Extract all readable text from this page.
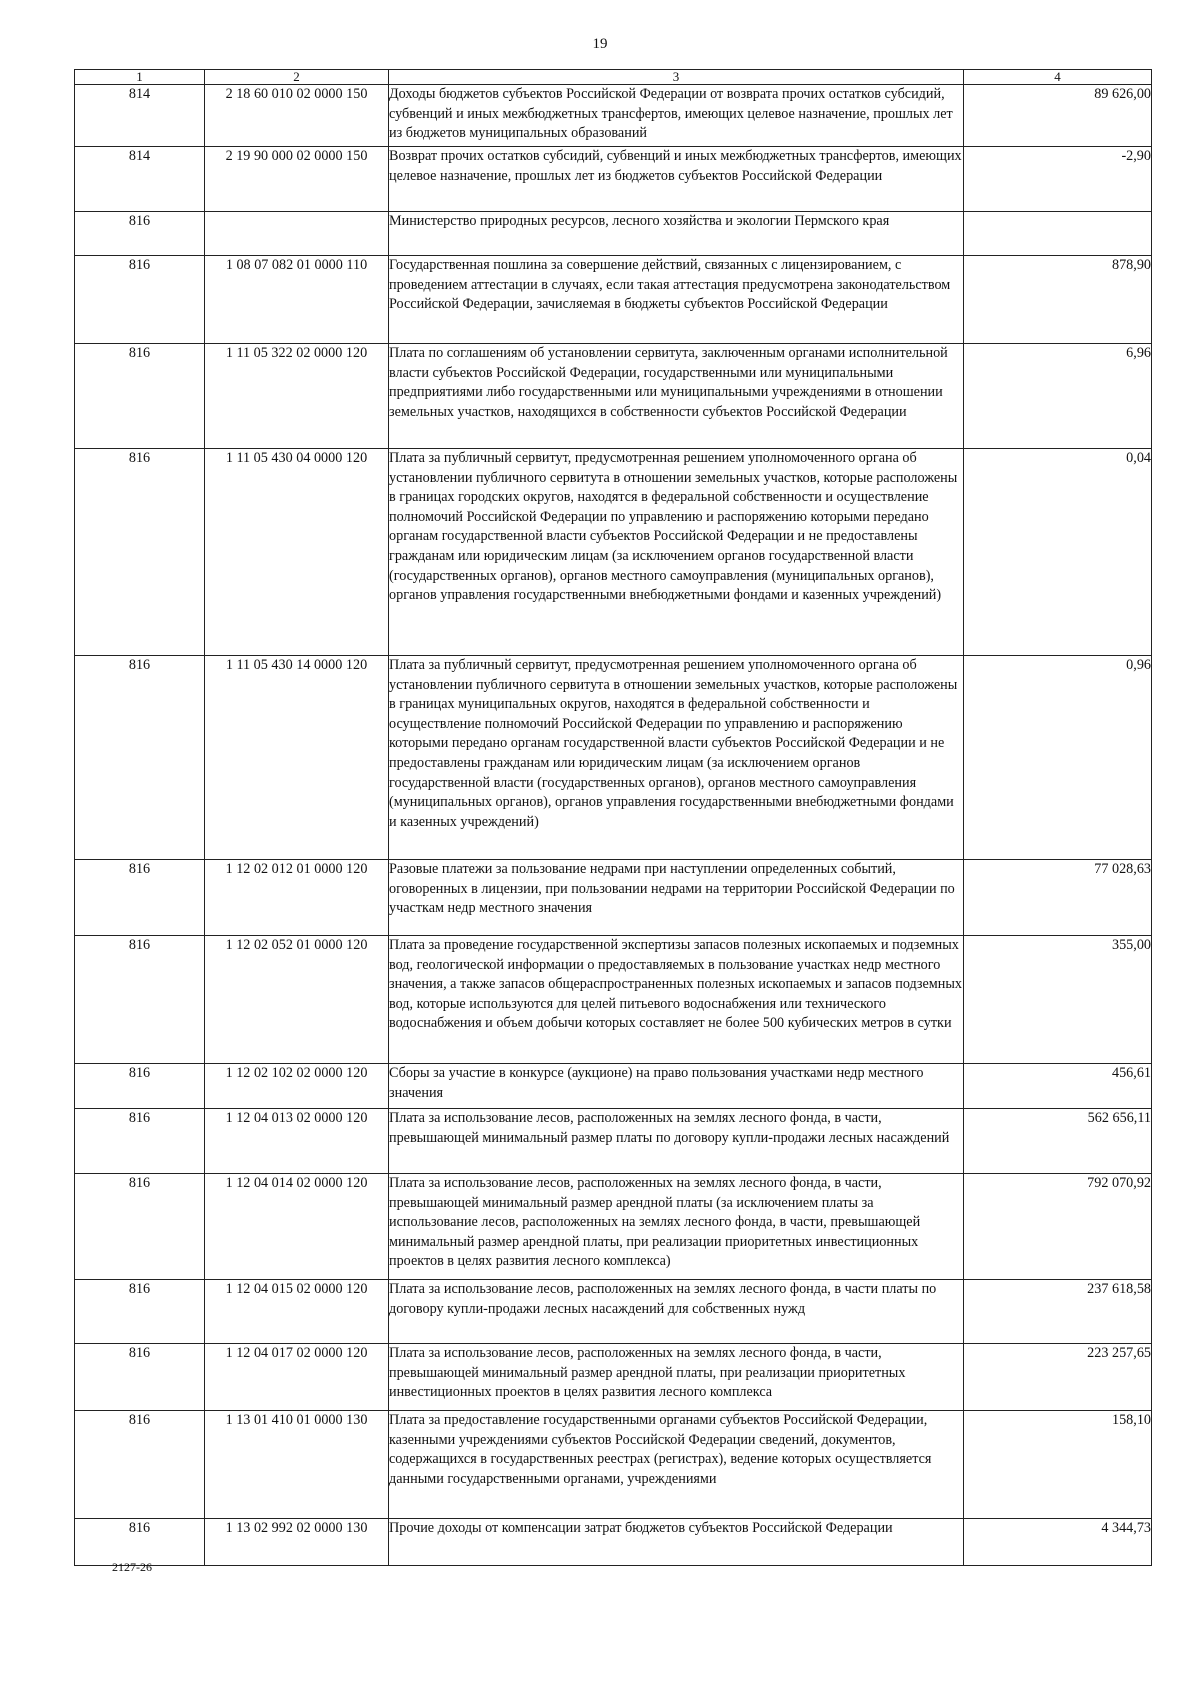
19
1	2	3	4
814	2 18 60 010 02 0000 150	Доходы бюджетов субъектов Российской Федерации от возврата прочих остатков субсидий, субвенций и иных межбюджетных трансфертов, имеющих целевое назначение, прошлых лет из бюджетов муниципальных образований	89 626,00
814	2 19 90 000 02 0000 150	Возврат прочих остатков субсидий, субвенций и иных межбюджетных трансфертов, имеющих целевое назначение, прошлых лет из бюджетов субъектов Российской Федерации	-2,90
816		Министерство природных ресурсов, лесного хозяйства и экологии Пермского края	
816	1 08 07 082 01 0000 110	Государственная пошлина за совершение действий, связанных с лицензированием, с проведением аттестации в случаях, если такая аттестация предусмотрена законодательством Российской Федерации, зачисляемая в бюджеты субъектов Российской Федерации	878,90
816	1 11 05 322 02 0000 120	Плата по соглашениям об установлении сервитута, заключенным органами исполнительной власти субъектов Российской Федерации, государственными или муниципальными предприятиями либо государственными или муниципальными учреждениями в отношении земельных участков, находящихся в собственности субъектов Российской Федерации	6,96
816	1 11 05 430 04 0000 120	Плата за публичный сервитут, предусмотренная решением уполномоченного органа об установлении публичного сервитута в отношении земельных участков, которые расположены в границах городских округов, находятся в федеральной собственности и осуществление полномочий Российской Федерации по управлению и распоряжению которыми передано органам государственной власти субъектов Российской Федерации и не предоставлены гражданам или юридическим лицам (за исключением органов государственной власти (государственных органов), органов местного самоуправления (муниципальных органов), органов управления государственными внебюджетными фондами и казенных учреждений)	0,04
816	1 11 05 430 14 0000 120	Плата за публичный сервитут, предусмотренная решением уполномоченного органа об установлении публичного сервитута в отношении земельных участков, которые расположены в границах муниципальных округов, находятся в федеральной собственности и осуществление полномочий Российской Федерации по управлению и распоряжению которыми передано органам государственной власти субъектов Российской Федерации и не предоставлены гражданам или юридическим лицам (за исключением органов государственной власти (государственных органов), органов местного самоуправления (муниципальных органов), органов управления государственными внебюджетными фондами и казенных учреждений)	0,96
816	1 12 02 012 01 0000 120	Разовые платежи за пользование недрами при наступлении определенных событий, оговоренных в лицензии, при пользовании недрами на территории Российской Федерации по участкам недр местного значения	77 028,63
816	1 12 02 052 01 0000 120	Плата за проведение государственной экспертизы запасов полезных ископаемых и подземных вод, геологической информации о предоставляемых в пользование участках недр местного значения, а также запасов общераспространенных полезных ископаемых и запасов подземных вод, которые используются для целей питьевого водоснабжения или технического водоснабжения и объем добычи которых составляет не более 500 кубических метров в сутки	355,00
816	1 12 02 102 02 0000 120	Сборы за участие в конкурсе (аукционе) на право пользования участками недр местного значения	456,61
816	1 12 04 013 02 0000 120	Плата за использование лесов, расположенных на землях лесного фонда, в части, превышающей минимальный размер платы по договору купли-продажи лесных насаждений	562 656,11
816	1 12 04 014 02 0000 120	Плата за использование лесов, расположенных на землях лесного фонда, в части, превышающей минимальный размер арендной платы (за исключением платы за использование лесов, расположенных на землях лесного фонда, в части, превышающей минимальный размер арендной платы, при реализации приоритетных инвестиционных проектов в целях развития лесного комплекса)	792 070,92
816	1 12 04 015 02 0000 120	Плата за использование лесов, расположенных на землях лесного фонда, в части платы по договору купли-продажи лесных насаждений для собственных нужд	237 618,58
816	1 12 04 017 02 0000 120	Плата за использование лесов, расположенных на землях лесного фонда, в части, превышающей минимальный размер арендной платы, при реализации приоритетных инвестиционных проектов в целях развития лесного комплекса	223 257,65
816	1 13 01 410 01 0000 130	Плата за предоставление государственными органами субъектов Российской Федерации, казенными учреждениями субъектов Российской Федерации сведений, документов, содержащихся в государственных реестрах (регистрах), ведение которых осуществляется данными государственными органами, учреждениями	158,10
816	1 13 02 992 02 0000 130	Прочие доходы от компенсации затрат бюджетов субъектов Российской Федерации	4 344,73
2127-26
